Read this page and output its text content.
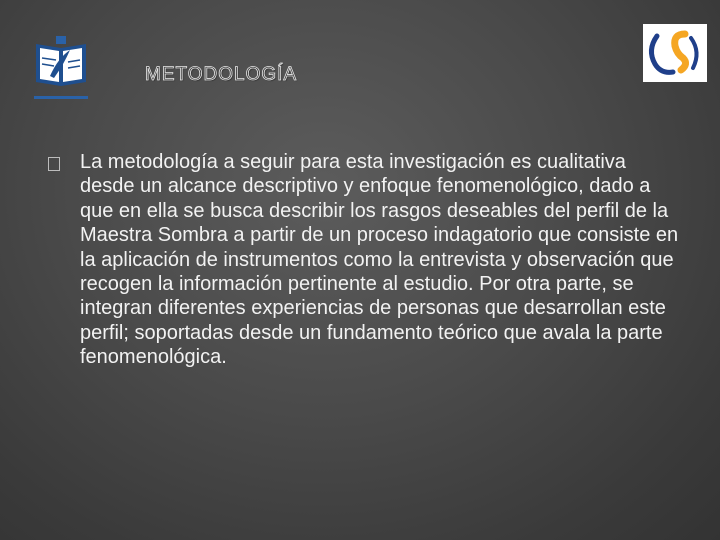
METODOLOGÍA

La metodología a seguir para esta investigación es cualitativa desde un alcance descriptivo y enfoque fenomenológico, dado a que en ella se busca describir los rasgos deseables del perfil de la Maestra Sombra a partir de un proceso indagatorio que consiste en la aplicación de instrumentos como la entrevista y observación que recogen la información pertinente al estudio. Por otra parte, se integran diferentes experiencias de personas que desarrollan este perfil; soportadas desde un fundamento teórico que avala la parte fenomenológica.
